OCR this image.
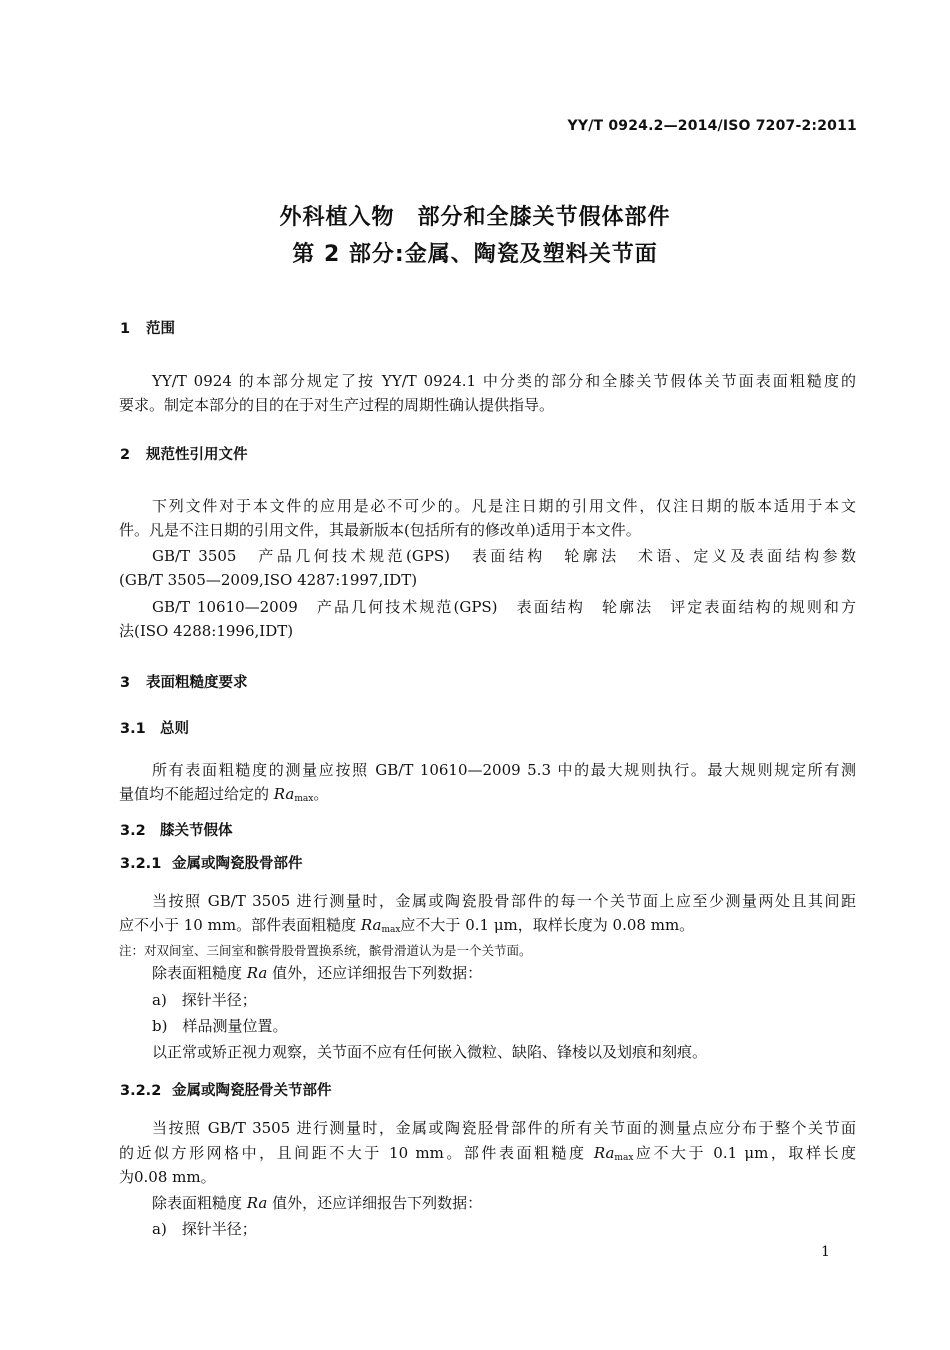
YY/T 0924.2—2014/ISO 7207-2:2011
外科植入物　部分和全膝关节假体部件
第 2 部分:金属、陶瓷及塑料关节面
1 范围
YY/T 0924 的本部分规定了按 YY/T 0924.1 中分类的部分和全膝关节假体关节面表面粗糙度的
要求。制定本部分的目的在于对生产过程的周期性确认提供指导。
2 规范性引用文件
下列文件对于本文件的应用是必不可少的。凡是注日期的引用文件，仅注日期的版本适用于本文
件。凡是不注日期的引用文件，其最新版本(包括所有的修改单)适用于本文件。
GB/T 3505　产品几何技术规范(GPS)　表面结构　轮廓法　术语、定义及表面结构参数
(GB/T 3505—2009,ISO 4287:1997,IDT)
GB/T 10610—2009　产品几何技术规范(GPS)　表面结构　轮廓法　评定表面结构的规则和方
法(ISO 4288:1996,IDT)
3 表面粗糙度要求
3.1 总则
所有表面粗糙度的测量应按照 GB/T 10610—2009 5.3 中的最大规则执行。最大规则规定所有测
量值均不能超过给定的 $Ra_{max}$。
3.2 膝关节假体
3.2.1 金属或陶瓷股骨部件
当按照 GB/T 3505 进行测量时，金属或陶瓷股骨部件的每一个关节面上应至少测量两处且其间距
应不小于 10 mm。部件表面粗糙度 $Ra_{max}$应不大于 0.1 μm，取样长度为 0.08 mm。
注：对双间室、三间室和髌骨股骨置换系统，髌骨滑道认为是一个关节面。
除表面粗糙度 Ra 值外，还应详细报告下列数据：
a)　探针半径；
b)　样品测量位置。
以正常或矫正视力观察，关节面不应有任何嵌入微粒、缺陷、锋棱以及划痕和刻痕。
3.2.2 金属或陶瓷胫骨关节部件
当按照 GB/T 3505 进行测量时，金属或陶瓷胫骨部件的所有关节面的测量点应分布于整个关节面
的近似方形网格中，且间距不大于 10 mm。部件表面粗糙度 $Ra_{max}$应不大于 0.1 μm，取样长度
为0.08 mm。
除表面粗糙度 Ra 值外，还应详细报告下列数据：
a)　探针半径；
1
